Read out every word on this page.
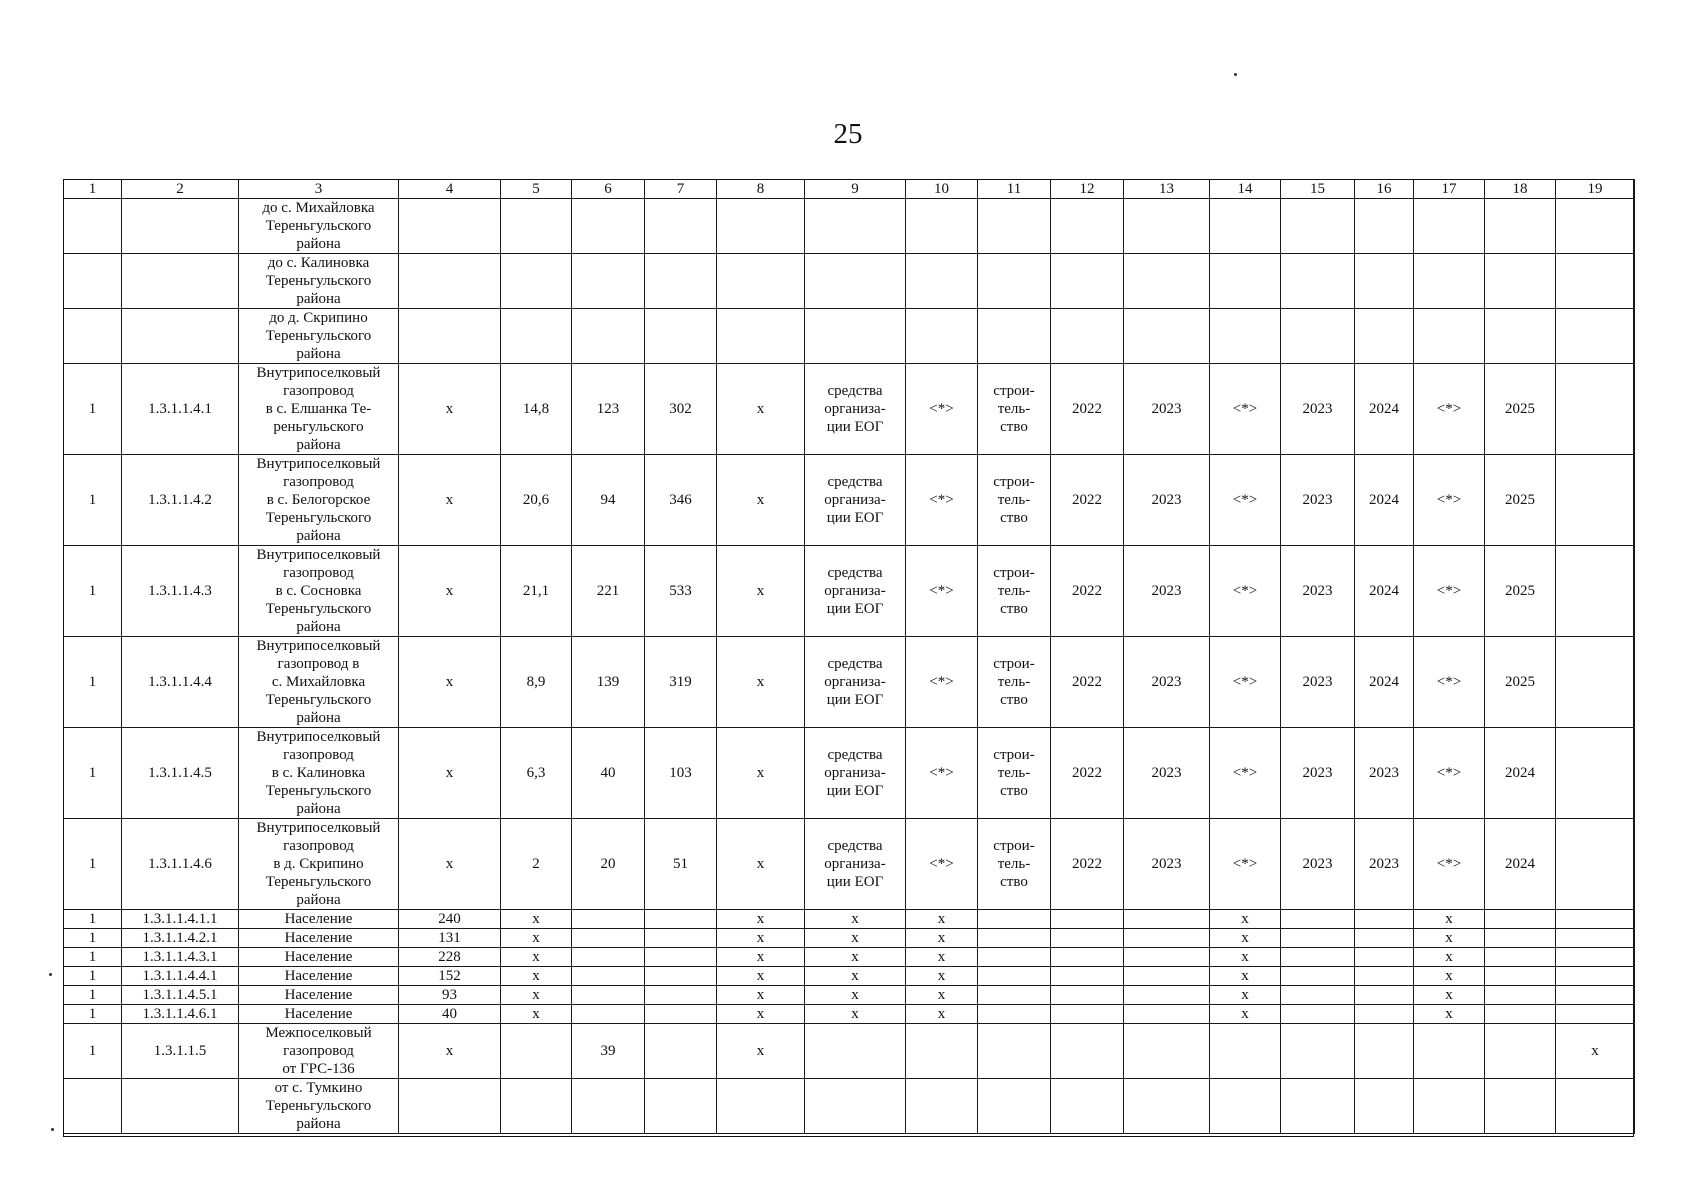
25
1	2	3	4	5	6	7	8	9	10	11	12	13	14	15	16	17	18	19

		до с. Михайловка
Тереньгульского
района																

		до с. Калиновка
Тереньгульского
района																

		до д. Скрипино
Тереньгульского
района																

1	1.3.1.1.4.1	Внутрипоселковый
газопровод
в с. Елшанка Те-
реньгульского
района	x	14,8	123	302	x	средства
организа-
ции ЕОГ	<*>	строи-
тель-
ство	2022	2023	<*>	2023	2024	<*>	2025	

1	1.3.1.1.4.2	Внутрипоселковый
газопровод
в с. Белогорское
Тереньгульского
района	x	20,6	94	346	x	средства
организа-
ции ЕОГ	<*>	строи-
тель-
ство	2022	2023	<*>	2023	2024	<*>	2025	

1	1.3.1.1.4.3	Внутрипоселковый
газопровод
в с. Сосновка
Тереньгульского
района	x	21,1	221	533	x	средства
организа-
ции ЕОГ	<*>	строи-
тель-
ство	2022	2023	<*>	2023	2024	<*>	2025	

1	1.3.1.1.4.4	Внутрипоселковый
газопровод в
с. Михайловка
Тереньгульского
района	x	8,9	139	319	x	средства
организа-
ции ЕОГ	<*>	строи-
тель-
ство	2022	2023	<*>	2023	2024	<*>	2025	

1	1.3.1.1.4.5	Внутрипоселковый
газопровод
в с. Калиновка
Тереньгульского
района	x	6,3	40	103	x	средства
организа-
ции ЕОГ	<*>	строи-
тель-
ство	2022	2023	<*>	2023	2023	<*>	2024	

1	1.3.1.1.4.6	Внутрипоселковый
газопровод
в д. Скрипино
Тереньгульского
района	x	2	20	51	x	средства
организа-
ции ЕОГ	<*>	строи-
тель-
ство	2022	2023	<*>	2023	2023	<*>	2024	

1	1.3.1.1.4.1.1	Население	240	x			x	x	x				x			x		

1	1.3.1.1.4.2.1	Население	131	x			x	x	x				x			x		

1	1.3.1.1.4.3.1	Население	228	x			x	x	x				x			x		

1	1.3.1.1.4.4.1	Население	152	x			x	x	x				x			x		

1	1.3.1.1.4.5.1	Население	93	x			x	x	x				x			x		

1	1.3.1.1.4.6.1	Население	40	x			x	x	x				x			x		

1	1.3.1.1.5	Межпоселковый
газопровод
от ГРС-136	x		39		x											x

		от с. Тумкино
Тереньгульского
района																
